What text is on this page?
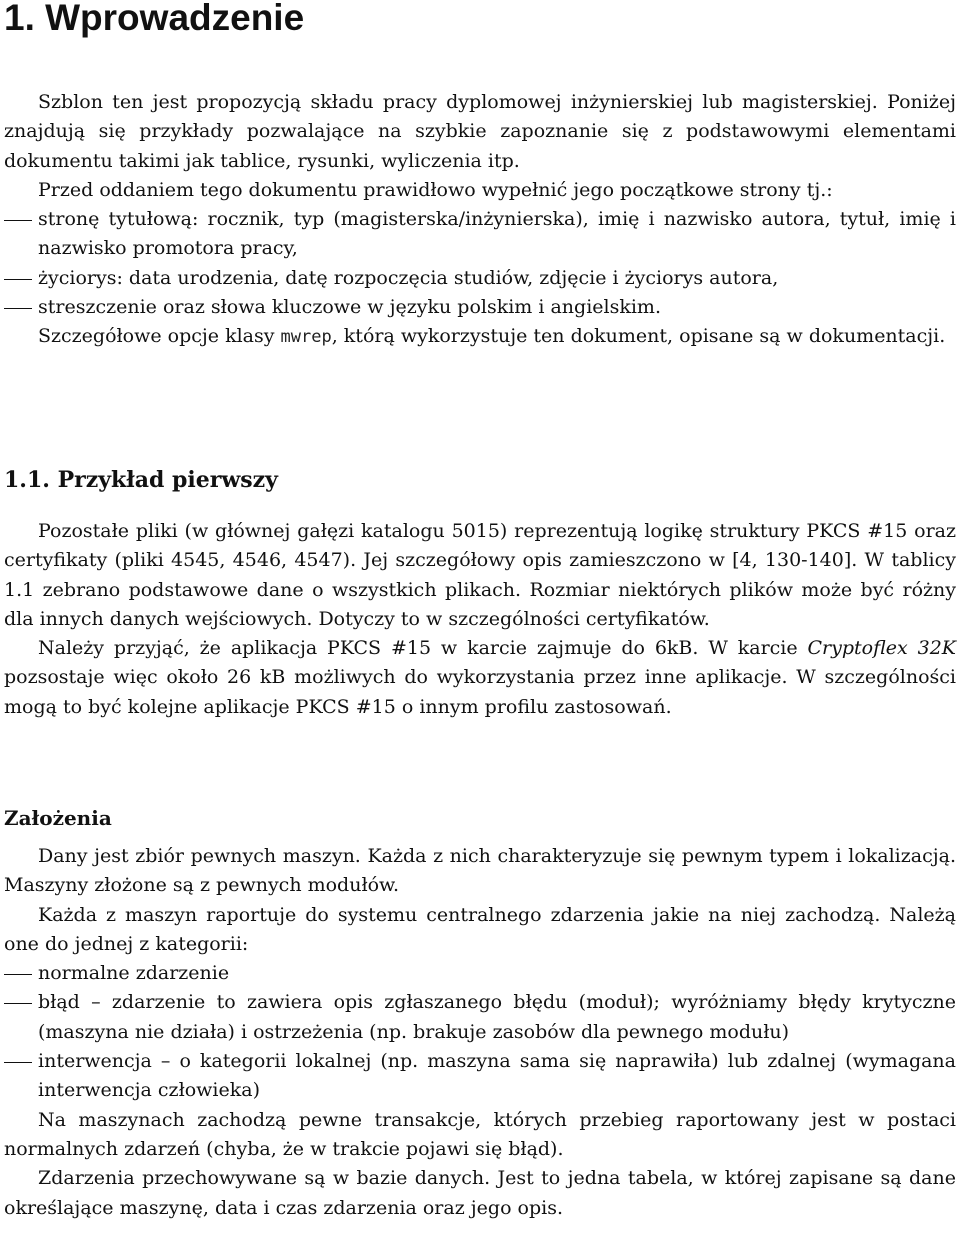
1. Wprowadzenie

Szblon ten jest propozycją składu pracy dyplomowej inżynierskiej lub magisterskiej. Poniżej znajdują się przykłady pozwalające na szybkie zapoznanie się z podstawowymi elementami dokumentu takimi jak tablice, rysunki, wyliczenia itp.

Przed oddaniem tego dokumentu prawidłowo wypełnić jego początkowe strony tj.:

stronę tytułową: rocznik, typ (magisterska/inżynierska), imię i nazwisko autora, tytuł, imię i nazwisko promotora pracy,
życiorys: data urodzenia, datę rozpoczęcia studiów, zdjęcie i życiorys autora,
streszczenie oraz słowa kluczowe w języku polskim i angielskim.

Szczegółowe opcje klasy mwrep, którą wykorzystuje ten dokument, opisane są w dokumentacji.

1.1. Przykład pierwszy

Pozostałe pliki (w głównej gałęzi katalogu 5015) reprezentują logikę struktury PKCS #15 oraz certyfikaty (pliki 4545, 4546, 4547). Jej szczegółowy opis zamieszczono w [4, 130-140]. W tablicy 1.1 zebrano podstawowe dane o wszystkich plikach. Rozmiar niektórych plików może być różny dla innych danych wejściowych. Dotyczy to w szczególności certyfikatów.

Należy przyjąć, że aplikacja PKCS #15 w karcie zajmuje do 6kB. W karcie Cryptoflex 32K pozsostaje więc około 26 kB możliwych do wykorzystania przez inne aplikacje. W szczególności mogą to być kolejne aplikacje PKCS #15 o innym profilu zastosowań.

Założenia

Dany jest zbiór pewnych maszyn. Każda z nich charakteryzuje się pewnym typem i lokalizacją. Maszyny złożone są z pewnych modułów.

Każda z maszyn raportuje do systemu centralnego zdarzenia jakie na niej zachodzą. Należą one do jednej z kategorii:

normalne zdarzenie
błąd – zdarzenie to zawiera opis zgłaszanego błędu (moduł); wyróżniamy błędy krytyczne (maszyna nie działa) i ostrzeżenia (np. brakuje zasobów dla pewnego modułu)
interwencja – o kategorii lokalnej (np. maszyna sama się naprawiła) lub zdalnej (wymagana interwencja człowieka)

Na maszynach zachodzą pewne transakcje, których przebieg raportowany jest w postaci normalnych zdarzeń (chyba, że w trakcie pojawi się błąd).

Zdarzenia przechowywane są w bazie danych. Jest to jedna tabela, w której zapisane są dane określające maszynę, data i czas zdarzenia oraz jego opis.
